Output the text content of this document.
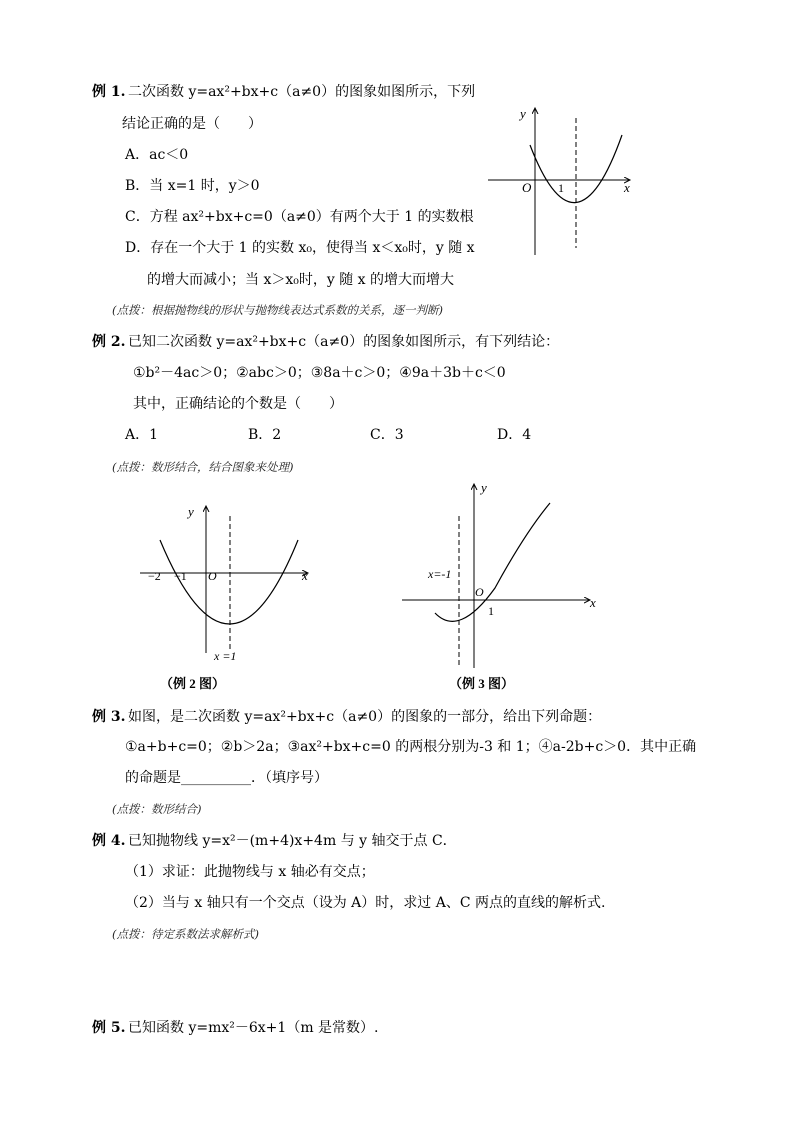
例 1. 二次函数 y=ax²+bx+c（a≠0）的图象如图所示，下列
结论正确的是（　　）
A．ac＜0
B．当 x=1 时，y＞0
C．方程 ax²+bx+c=0（a≠0）有两个大于 1 的实数根
D．存在一个大于 1 的实数 x₀，使得当 x＜x₀时，y 随 x
的增大而减小；当 x＞x₀时，y 随 x 的增大而增大
(点拨：根据抛物线的形状与抛物线表达式系数的关系，逐一判断)
y
x
O 1
例 2. 已知二次函数 y=ax²+bx+c（a≠0）的图象如图所示，有下列结论：
①b²－4ac＞0；②abc＞0；③8a＋c＞0；④9a＋3b＋c＜0
其中，正确结论的个数是（　　）
A．1	B．2	C．3	D．4
(点拨：数形结合，结合图象来处理)
y
x
O
−2 −1
x =1
（例 2 图）
y
x
O
1
x=-1
（例 3 图）
例 3. 如图，是二次函数 y=ax²+bx+c（a≠0）的图象的一部分，给出下列命题：
①a+b+c=0；②b＞2a；③ax²+bx+c=0 的两根分别为-3 和 1；④a-2b+c＞0．其中正确
的命题是__________．（填序号）
(点拨：数形结合)
例 4. 已知抛物线 y=x²－(m+4)x+4m 与 y 轴交于点 C．
（1）求证：此抛物线与 x 轴必有交点；
（2）当与 x 轴只有一个交点（设为 A）时，求过 A、C 两点的直线的解析式.
(点拨：待定系数法求解析式)
例 5. 已知函数 y=mx²－6x+1（m 是常数）.
